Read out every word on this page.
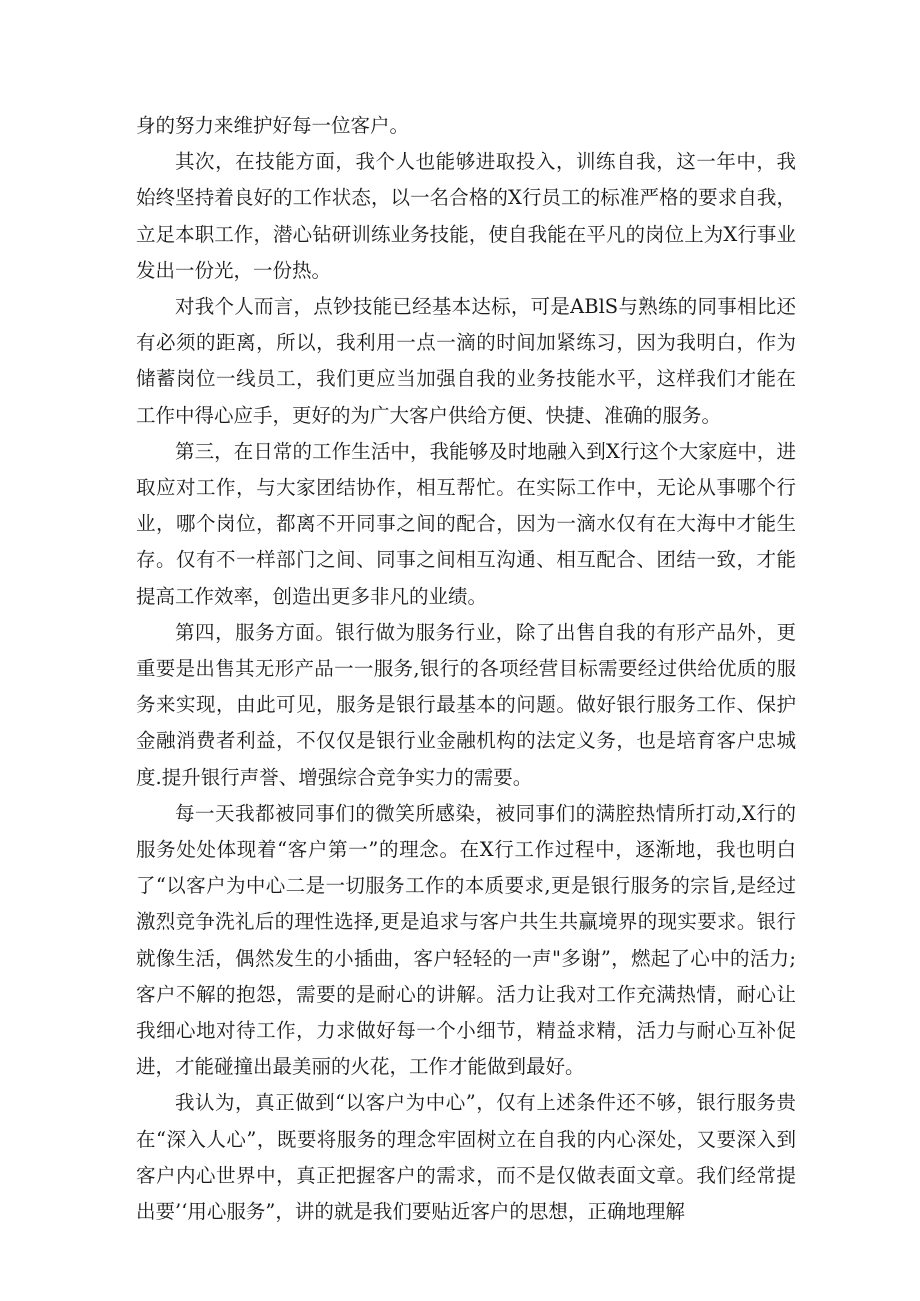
身的努力来维护好每一位客户。

其次，在技能方面，我个人也能够进取投入，训练自我，这一年中，我始终坚持着良好的工作状态，以一名合格的X行员工的标准严格的要求自我，立足本职工作，潜心钻研训练业务技能，使自我能在平凡的岗位上为X行事业发出一份光，一份热。

对我个人而言，点钞技能已经基本达标，可是ABlS与熟练的同事相比还有必须的距离，所以，我利用一点一滴的时间加紧练习，因为我明白，作为储蓄岗位一线员工，我们更应当加强自我的业务技能水平，这样我们才能在工作中得心应手，更好的为广大客户供给方便、快捷、准确的服务。

第三，在日常的工作生活中，我能够及时地融入到X行这个大家庭中，进取应对工作，与大家团结协作，相互帮忙。在实际工作中，无论从事哪个行业，哪个岗位，都离不开同事之间的配合，因为一滴水仅有在大海中才能生存。仅有不一样部门之间、同事之间相互沟通、相互配合、团结一致，才能提高工作效率，创造出更多非凡的业绩。

第四，服务方面。银行做为服务行业，除了出售自我的有形产品外，更重要是出售其无形产品一一服务,银行的各项经营目标需要经过供给优质的服务来实现，由此可见，服务是银行最基本的问题。做好银行服务工作、保护金融消费者利益，不仅仅是银行业金融机构的法定义务，也是培育客户忠城度.提升银行声誉、增强综合竞争实力的需要。

每一天我都被同事们的微笑所感染，被同事们的满腔热情所打动,X行的服务处处体现着“客户第一”的理念。在X行工作过程中，逐渐地，我也明白了“以客户为中心二是一切服务工作的本质要求,更是银行服务的宗旨,是经过激烈竞争洗礼后的理性选择,更是追求与客户共生共赢境界的现实要求。银行就像生活，偶然发生的小插曲，客户轻轻的一声"多谢”，燃起了心中的活力;客户不解的抱怨，需要的是耐心的讲解。活力让我对工作充满热情，耐心让我细心地对待工作，力求做好每一个小细节，精益求精，活力与耐心互补促进，才能碰撞出最美丽的火花，工作才能做到最好。

我认为，真正做到“以客户为中心”，仅有上述条件还不够，银行服务贵在“深入人心”，既要将服务的理念牢固树立在自我的内心深处，又要深入到客户内心世界中，真正把握客户的需求，而不是仅做表面文章。我们经常提出要’‘用心服务”，讲的就是我们要贴近客户的思想，正确地理解
